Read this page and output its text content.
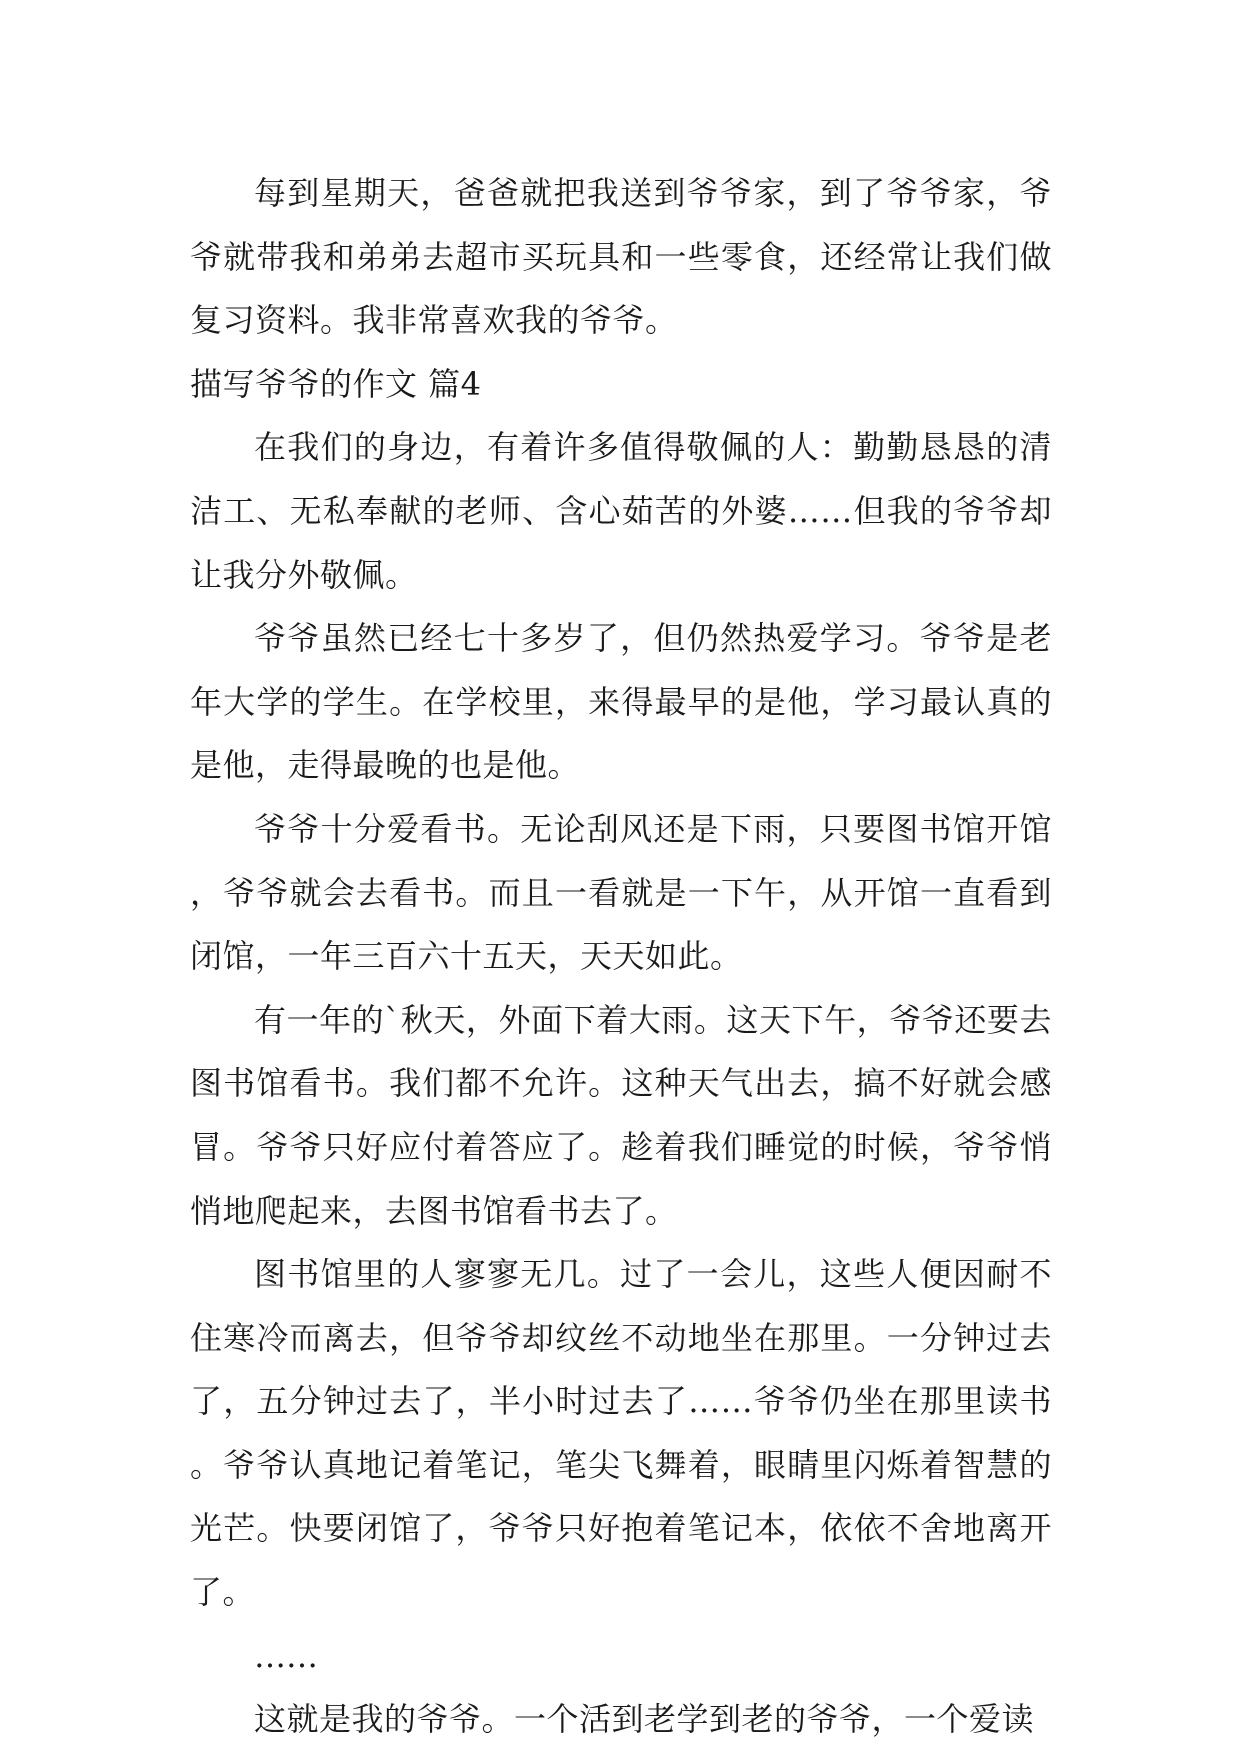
每到星期天，爸爸就把我送到爷爷家，到了爷爷家，爷爷就带我和弟弟去超市买玩具和一些零食，还经常让我们做复习资料。我非常喜欢我的爷爷。

描写爷爷的作文 篇4

在我们的身边，有着许多值得敬佩的人：勤勤恳恳的清洁工、无私奉献的老师、含心茹苦的外婆……但我的爷爷却让我分外敬佩。

爷爷虽然已经七十多岁了，但仍然热爱学习。爷爷是老年大学的学生。在学校里，来得最早的是他，学习最认真的是他，走得最晚的也是他。

爷爷十分爱看书。无论刮风还是下雨，只要图书馆开馆，爷爷就会去看书。而且一看就是一下午，从开馆一直看到闭馆，一年三百六十五天，天天如此。

有一年的`秋天，外面下着大雨。这天下午，爷爷还要去图书馆看书。我们都不允许。这种天气出去，搞不好就会感冒。爷爷只好应付着答应了。趁着我们睡觉的时候，爷爷悄悄地爬起来，去图书馆看书去了。

图书馆里的人寥寥无几。过了一会儿，这些人便因耐不住寒冷而离去，但爷爷却纹丝不动地坐在那里。一分钟过去了，五分钟过去了，半小时过去了……爷爷仍坐在那里读书。爷爷认真地记着笔记，笔尖飞舞着，眼睛里闪烁着智慧的光芒。快要闭馆了，爷爷只好抱着笔记本，依依不舍地离开了。

……

这就是我的爷爷。一个活到老学到老的爷爷，一个爱读
